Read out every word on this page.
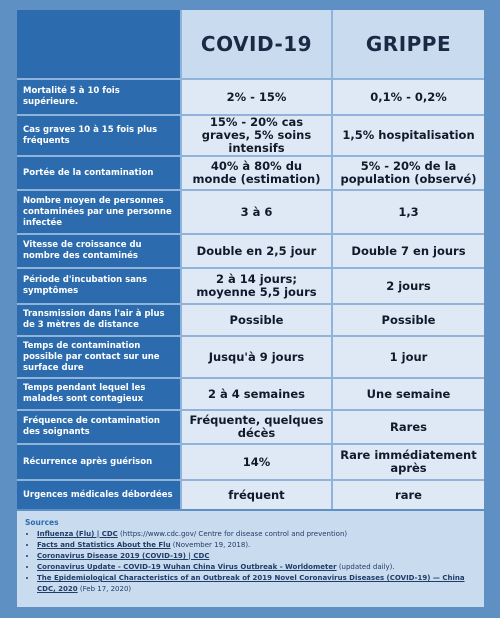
	COVID-19	GRIPPE
Mortalité 5 à 10 fois supérieure.	2% - 15%	0,1% - 0,2%
Cas graves 10 à 15 fois plus fréquents	15% - 20% cas graves, 5% soins intensifs	1,5% hospitalisation
Portée de la contamination	40% à 80% du monde (estimation)	5% - 20% de la population (observé)
Nombre moyen de personnes contaminées par une personne infectée	3 à 6	1,3
Vitesse de croissance du nombre des contaminés	Double en 2,5 jour	Double 7 en jours
Période d'incubation sans symptômes	2 à 14 jours; moyenne 5,5 jours	2 jours
Transmission dans l'air à plus de 3 mètres de distance	Possible	Possible
Temps de contamination possible par contact sur une surface dure	Jusqu'à 9 jours	1 jour
Temps pendant lequel les malades sont contagieux	2 à 4 semaines	Une semaine
Fréquence de contamination des soignants	Fréquente, quelques décès	Rares
Récurrence après guérison	14%	Rare immédiatement après
Urgences médicales débordées	fréquent	rare
Sources
• Influenza (Flu) | CDC (https://www.cdc.gov/ Centre for disease control and prevention)
• Facts and Statistics About the Flu (November 19, 2018).
• Coronavirus Disease 2019 (COVID-19) | CDC
• Coronavirus Update - COVID-19 Wuhan China Virus Outbreak - Worldometer (updated daily).
• The Epidemiological Characteristics of an Outbreak of 2019 Novel Coronavirus Diseases (COVID-19) — China CDC, 2020 (Feb 17, 2020)
